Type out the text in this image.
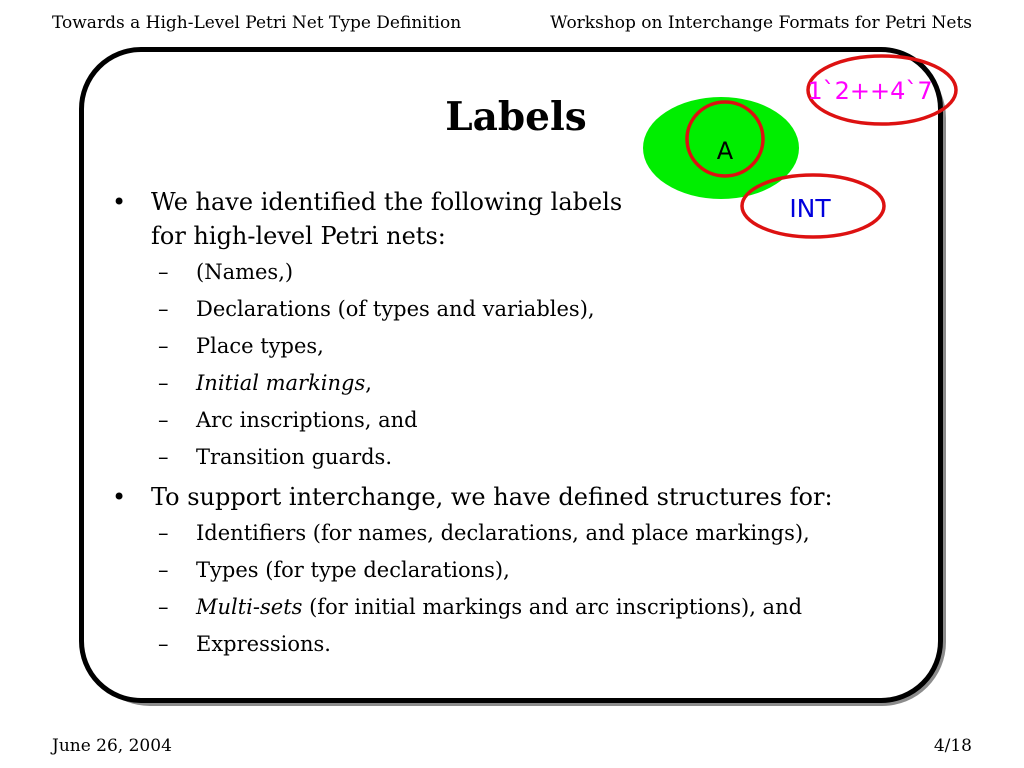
Towards a High-Level Petri Net Type Definition	Workshop on Interchange Formats for Petri Nets
Labels
• We have identified the following labels
for high-level Petri nets:
– (Names,)
– Declarations (of types and variables),
– Place types,
– Initial markings,
– Arc inscriptions, and
– Transition guards.
• To support interchange, we have defined structures for:
– Identifiers (for names, declarations, and place markings),
– Types (for type declarations),
– Multi-sets (for initial markings and arc inscriptions), and
– Expressions.
A
1`2++4`7
INT
June 26, 2004	4/18
